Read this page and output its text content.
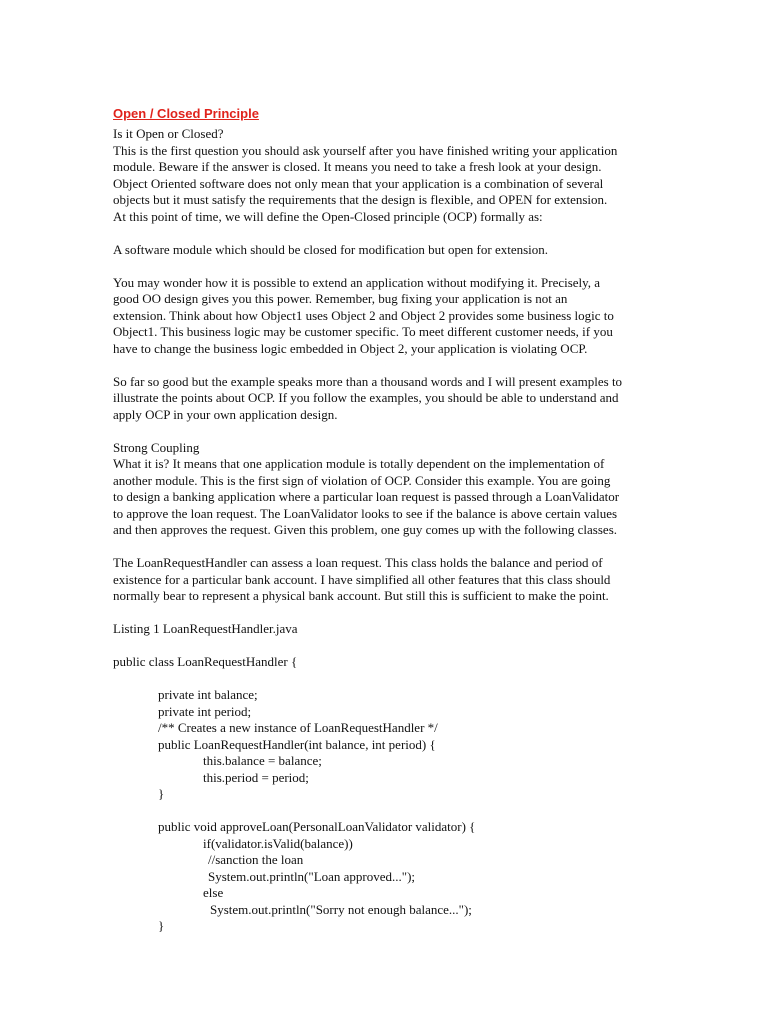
Open / Closed Principle
Is it Open or Closed?
This is the first question you should ask yourself after you have finished writing your application
module. Beware if the answer is closed. It means you need to take a fresh look at your design.
Object Oriented software does not only mean that your application is a combination of several
objects but it must satisfy the requirements that the design is flexible, and OPEN for extension.
At this point of time, we will define the Open-Closed principle (OCP) formally as:
A software module which should be closed for modification but open for extension.
You may wonder how it is possible to extend an application without modifying it. Precisely, a
good OO design gives you this power. Remember, bug fixing your application is not an
extension. Think about how Object1 uses Object 2 and Object 2 provides some business logic to
Object1. This business logic may be customer specific. To meet different customer needs, if you
have to change the business logic embedded in Object 2, your application is violating OCP.
So far so good but the example speaks more than a thousand words and I will present examples to
illustrate the points about OCP. If you follow the examples, you should be able to understand and
apply OCP in your own application design.
Strong Coupling
What it is? It means that one application module is totally dependent on the implementation of
another module. This is the first sign of violation of OCP. Consider this example. You are going
to design a banking application where a particular loan request is passed through a LoanValidator
to approve the loan request. The LoanValidator looks to see if the balance is above certain values
and then approves the request. Given this problem, one guy comes up with the following classes.
The LoanRequestHandler can assess a loan request. This class holds the balance and period of
existence for a particular bank account. I have simplified all other features that this class should
normally bear to represent a physical bank account. But still this is sufficient to make the point.
Listing 1 LoanRequestHandler.java
public class LoanRequestHandler {
private int balance;
private int period;
/** Creates a new instance of LoanRequestHandler */
public LoanRequestHandler(int balance, int period) {
this.balance = balance;
this.period = period;
}
public void approveLoan(PersonalLoanValidator validator) {
if(validator.isValid(balance))
//sanction the loan
System.out.println("Loan approved...");
else
System.out.println("Sorry not enough balance...");
}
